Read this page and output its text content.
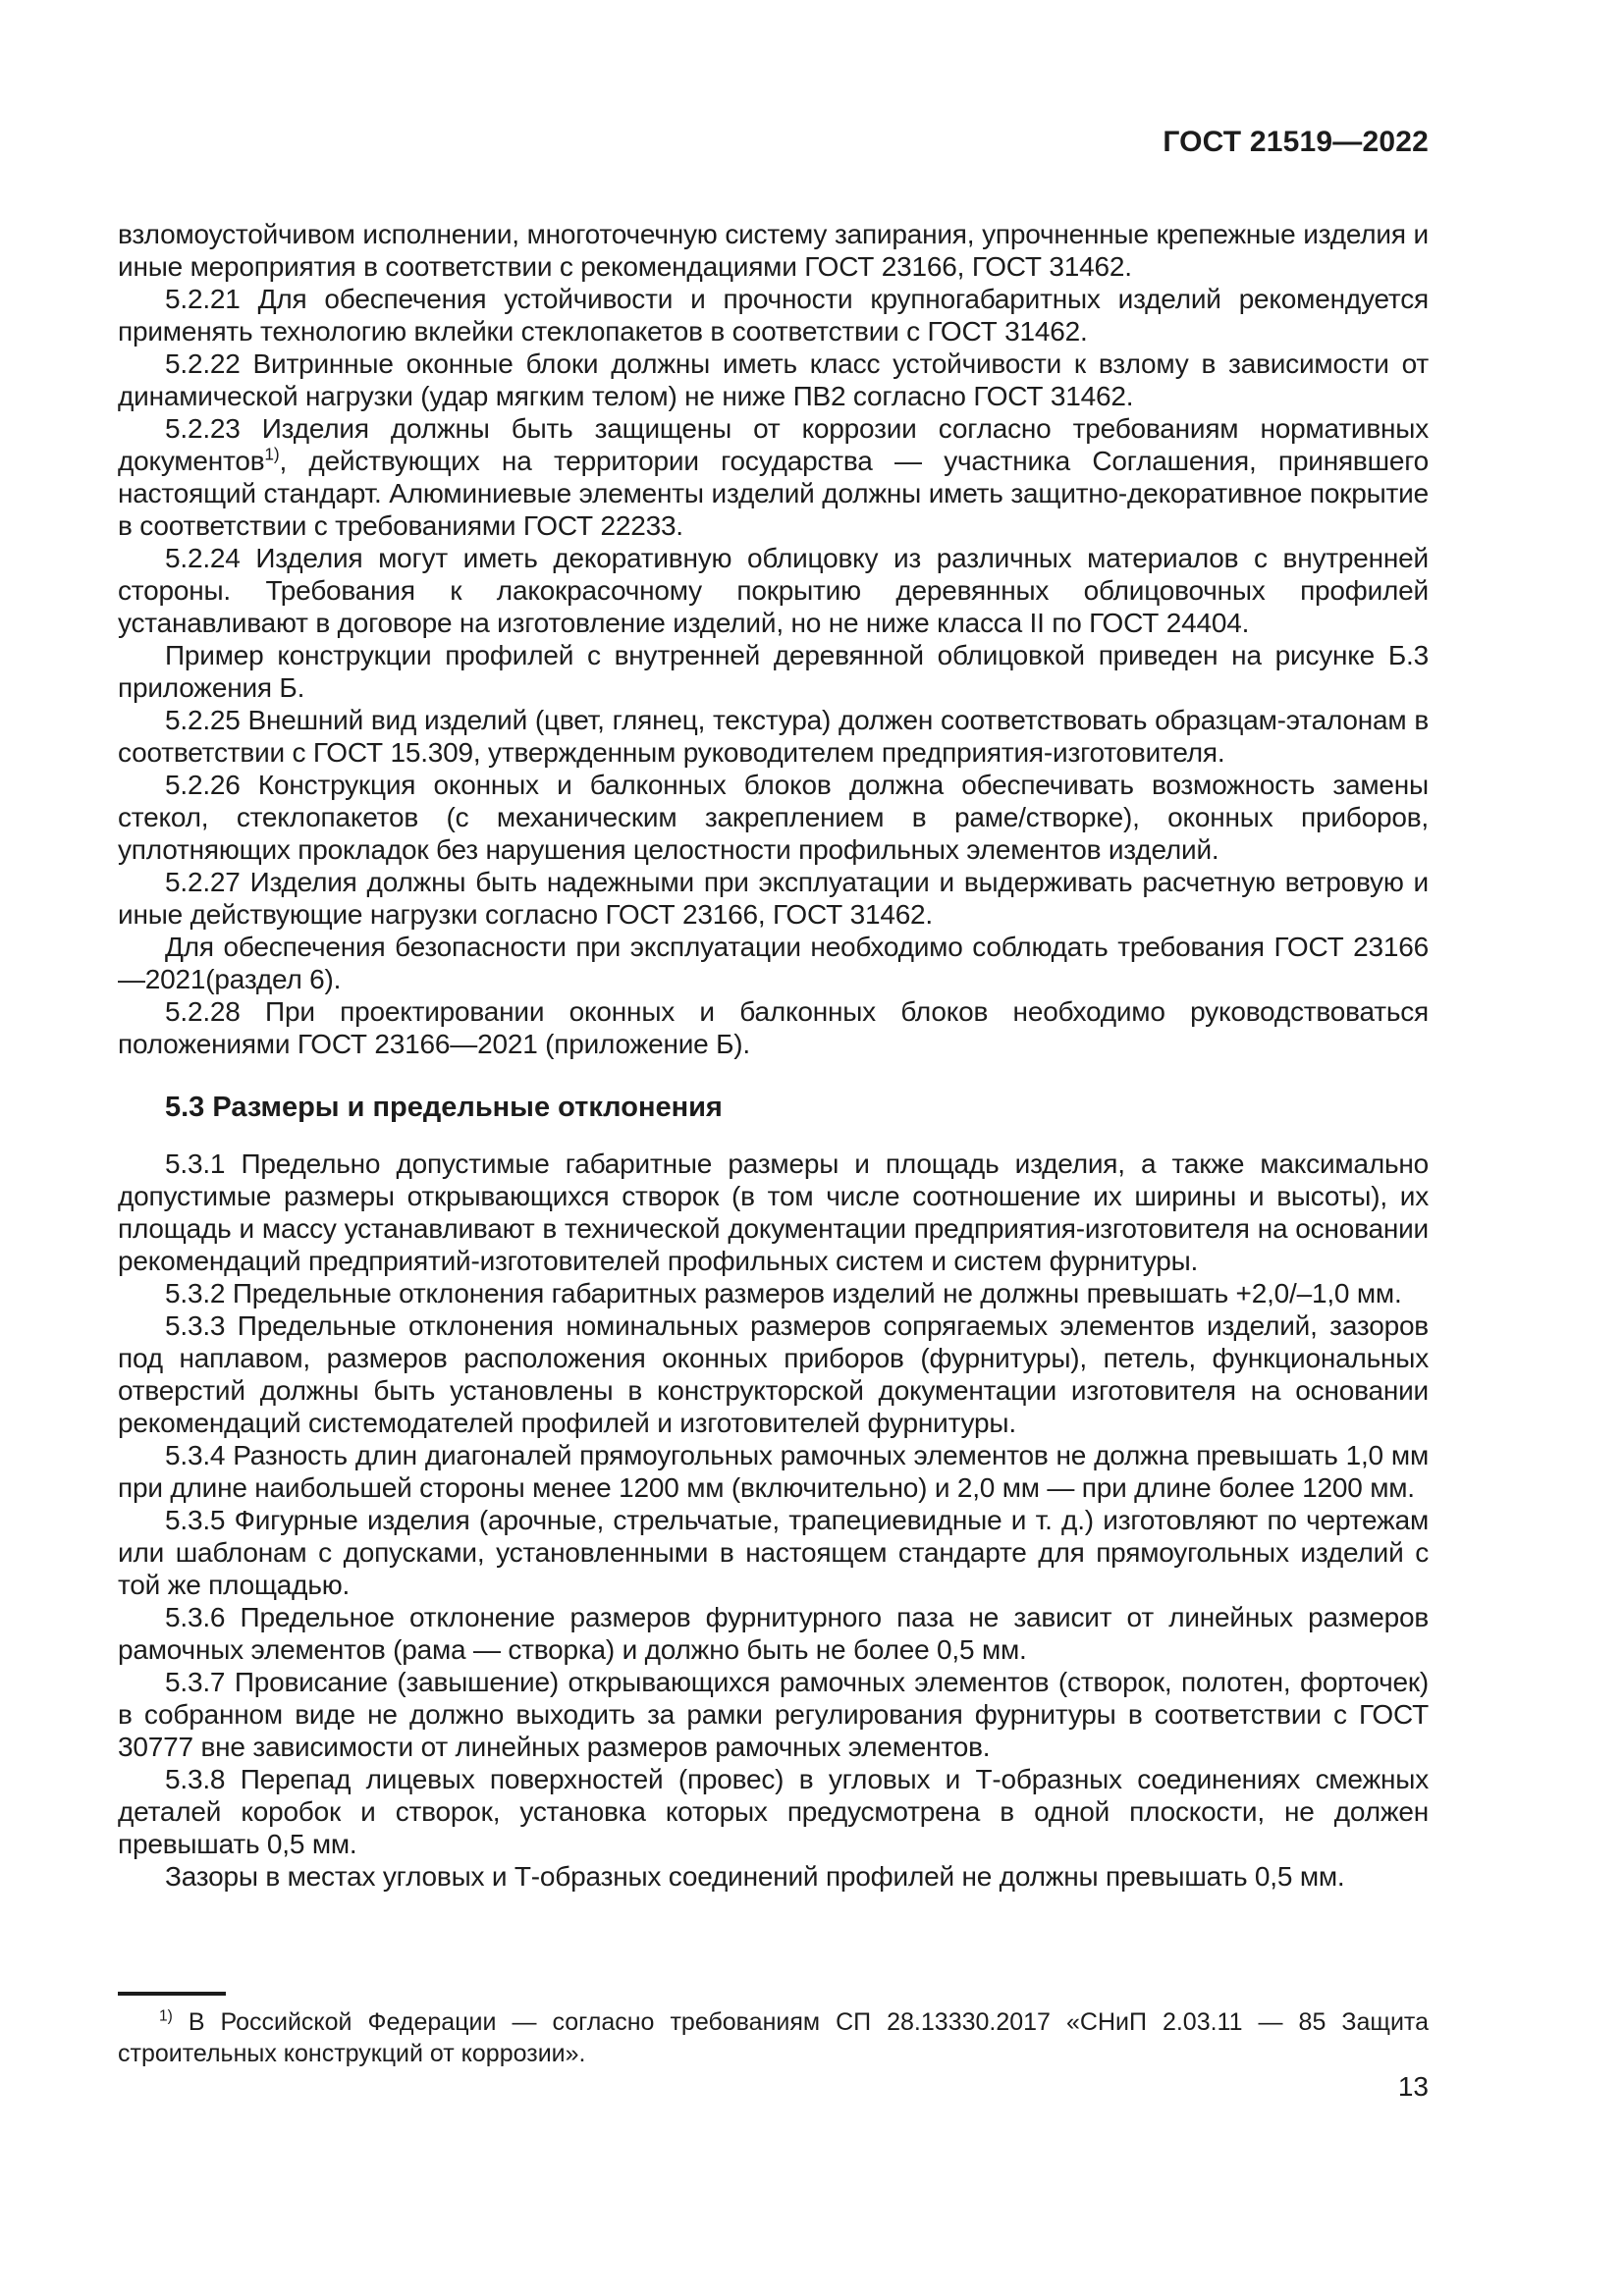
ГОСТ 21519—2022

взломоустойчивом исполнении, многоточечную систему запирания, упрочненные крепежные изделия и иные мероприятия в соответствии с рекомендациями ГОСТ 23166, ГОСТ 31462.

5.2.21 Для обеспечения устойчивости и прочности крупногабаритных изделий рекомендуется применять технологию вклейки стеклопакетов в соответствии с ГОСТ 31462.

5.2.22 Витринные оконные блоки должны иметь класс устойчивости к взлому в зависимости от динамической нагрузки (удар мягким телом) не ниже ПВ2 согласно ГОСТ 31462.

5.2.23 Изделия должны быть защищены от коррозии согласно требованиям нормативных документов$^{1)}$, действующих на территории государства — участника Соглашения, принявшего настоящий стандарт. Алюминиевые элементы изделий должны иметь защитно-декоративное покрытие в соответствии с требованиями ГОСТ 22233.

5.2.24 Изделия могут иметь декоративную облицовку из различных материалов с внутренней стороны. Требования к лакокрасочному покрытию деревянных облицовочных профилей устанавливают в договоре на изготовление изделий, но не ниже класса II по ГОСТ 24404.

Пример конструкции профилей с внутренней деревянной облицовкой приведен на рисунке Б.3 приложения Б.

5.2.25 Внешний вид изделий (цвет, глянец, текстура) должен соответствовать образцам-эталонам в соответствии с ГОСТ 15.309, утвержденным руководителем предприятия-изготовителя.

5.2.26 Конструкция оконных и балконных блоков должна обеспечивать возможность замены стекол, стеклопакетов (с механическим закреплением в раме/створке), оконных приборов, уплотняющих прокладок без нарушения целостности профильных элементов изделий.

5.2.27 Изделия должны быть надежными при эксплуатации и выдерживать расчетную ветровую и иные действующие нагрузки согласно ГОСТ 23166, ГОСТ 31462.

Для обеспечения безопасности при эксплуатации необходимо соблюдать требования ГОСТ 23166—2021(раздел 6).

5.2.28 При проектировании оконных и балконных блоков необходимо руководствоваться положениями ГОСТ 23166—2021 (приложение Б).

5.3 Размеры и предельные отклонения

5.3.1 Предельно допустимые габаритные размеры и площадь изделия, а также максимально допустимые размеры открывающихся створок (в том числе соотношение их ширины и высоты), их площадь и массу устанавливают в технической документации предприятия-изготовителя на основании рекомендаций предприятий-изготовителей профильных систем и систем фурнитуры.

5.3.2 Предельные отклонения габаритных размеров изделий не должны превышать +2,0/–1,0 мм.

5.3.3 Предельные отклонения номинальных размеров сопрягаемых элементов изделий, зазоров под наплавом, размеров расположения оконных приборов (фурнитуры), петель, функциональных отверстий должны быть установлены в конструкторской документации изготовителя на основании рекомендаций системодателей профилей и изготовителей фурнитуры.

5.3.4 Разность длин диагоналей прямоугольных рамочных элементов не должна превышать 1,0 мм при длине наибольшей стороны менее 1200 мм (включительно) и 2,0 мм — при длине более 1200 мм.

5.3.5 Фигурные изделия (арочные, стрельчатые, трапециевидные и т. д.) изготовляют по чертежам или шаблонам с допусками, установленными в настоящем стандарте для прямоугольных изделий с той же площадью.

5.3.6 Предельное отклонение размеров фурнитурного паза не зависит от линейных размеров рамочных элементов (рама — створка) и должно быть не более 0,5 мм.

5.3.7 Провисание (завышение) открывающихся рамочных элементов (створок, полотен, форточек) в собранном виде не должно выходить за рамки регулирования фурнитуры в соответствии с ГОСТ 30777 вне зависимости от линейных размеров рамочных элементов.

5.3.8 Перепад лицевых поверхностей (провес) в угловых и Т-образных соединениях смежных деталей коробок и створок, установка которых предусмотрена в одной плоскости, не должен превышать 0,5 мм.

Зазоры в местах угловых и Т-образных соединений профилей не должны превышать 0,5 мм.

$^{1)}$ В Российской Федерации — согласно требованиям СП 28.13330.2017 «СНиП 2.03.11 — 85 Защита строительных конструкций от коррозии».

13
